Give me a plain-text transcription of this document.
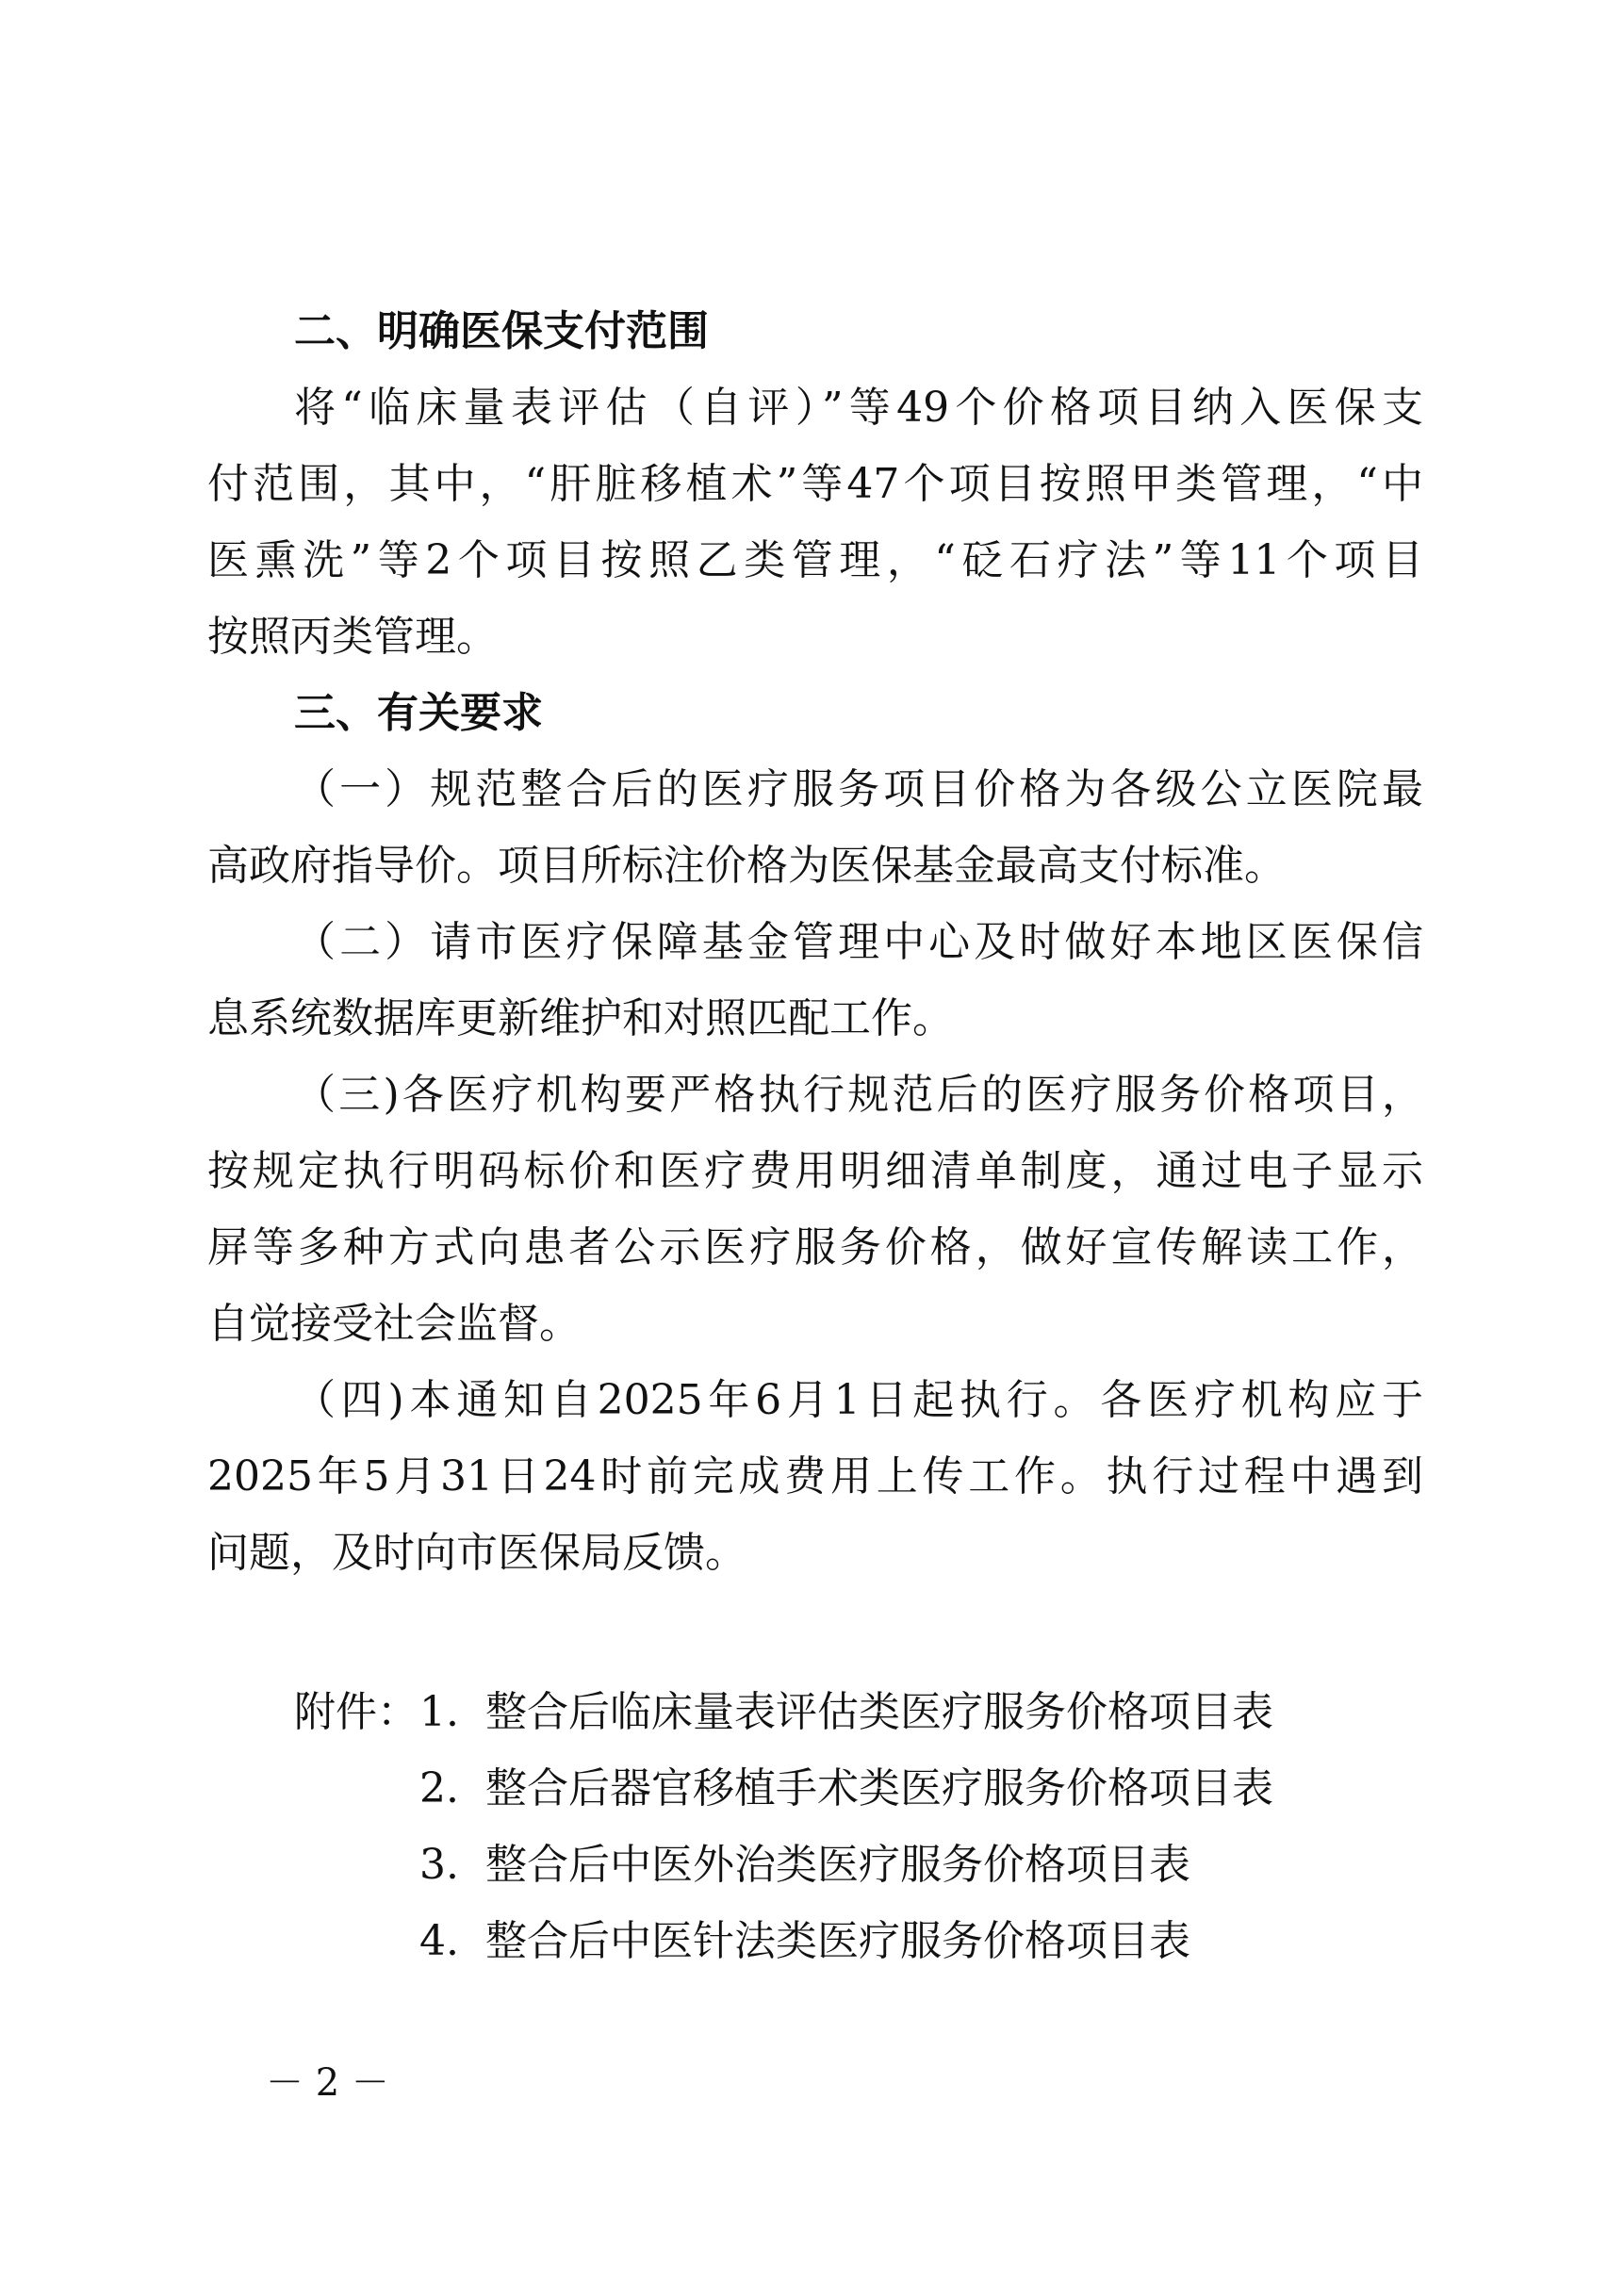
二、明确医保支付范围
将“临床量表评估（自评）”等49个价格项目纳入医保支
付范围，其中，“肝脏移植术”等47个项目按照甲类管理，“中
医熏洗”等2个项目按照乙类管理，“砭石疗法”等11个项目
按照丙类管理。
三、有关要求
（一）规范整合后的医疗服务项目价格为各级公立医院最
高政府指导价。项目所标注价格为医保基金最高支付标准。
（二）请市医疗保障基金管理中心及时做好本地区医保信
息系统数据库更新维护和对照匹配工作。
（三)各医疗机构要严格执行规范后的医疗服务价格项目，
按规定执行明码标价和医疗费用明细清单制度，通过电子显示
屏等多种方式向患者公示医疗服务价格，做好宣传解读工作，
自觉接受社会监督。
（四)本通知自2025年6月1日起执行。各医疗机构应于
2025年5月31日24时前完成费用上传工作。执行过程中遇到
问题，及时向市医保局反馈。
附件： 1. 整合后临床量表评估类医疗服务价格项目表
2. 整合后器官移植手术类医疗服务价格项目表
3. 整合后中医外治类医疗服务价格项目表
4. 整合后中医针法类医疗服务价格项目表
－ 2 －
